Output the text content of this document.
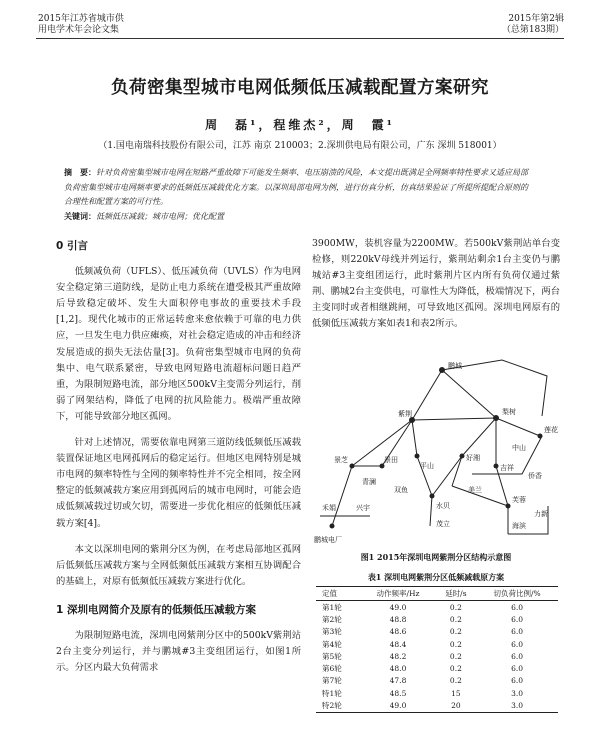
2015年江苏省城市供
用电学术年会论文集
2015年第2辑
（总第183期）
负荷密集型城市电网低频低压减载配置方案研究
周　磊¹，程维杰²，周　霞¹
（1.国电南瑞科技股份有限公司，江苏 南京 210003；2.深圳供电局有限公司，广东 深圳 518001）
摘　要：针对负荷密集型城市电网在短路严重故障下可能发生频率、电压崩溃的风险，本文提出既满足全网频率特性要求又适应局部负荷密集型城市电网频率要求的低频低压减载优化方案。以深圳局部电网为例，进行仿真分析，仿真结果验证了所提所提配合原则的合理性和配置方案的可行性。
关键词：低频低压减载；城市电网；优化配置
0 引言

低频减负荷（UFLS）、低压减负荷（UVLS）作为电网安全稳定第三道防线，是防止电力系统在遭受极其严重故障后导致稳定破坏、发生大面积停电事故的重要技术手段[1,2]。现代化城市的正常运转愈来愈依赖于可靠的电力供应，一旦发生电力供应瘫痪，对社会稳定造成的冲击和经济发展造成的损失无法估量[3]。负荷密集型城市电网的负荷集中、电气联系紧密，导致电网短路电流超标问题日趋严重，为限制短路电流，部分地区500kV主变需分列运行，削弱了网架结构，降低了电网的抗风险能力。极端严重故障下，可能导致部分地区孤网。

针对上述情况，需要依靠电网第三道防线低频低压减载装置保证地区电网孤网后的稳定运行。但地区电网特别是城市电网的频率特性与全网的频率特性并不完全相同，按全网整定的低频减载方案应用到孤网后的城市电网时，可能会造成低频减载过切或欠切，需要进一步优化相应的低频低压减载方案[4]。

本文以深圳电网的紫荆分区为例，在考虑局部地区孤网后低频低压减载方案与全网低频低压减载方案相互协调配合的基础上，对原有低频低压减载方案进行优化。

1 深圳电网简介及原有的低频低压减载方案

为限制短路电流，深圳电网紫荆分区中的500kV紫荆站2台主变分列运行，并与鹏城#3主变组团运行，如图1所示。分区内最大负荷需求

3900MW，装机容量为2200MW。若500kV紫荆站单台变检修，则220kV母线并列运行，紫荆站剩余1台主变仍与鹏城站#3主变组团运行，此时紫荆片区内所有负荷仅通过紫荆、鹏城2台主变供电，可靠性大为降低，极端情况下，两台主变同时或者相继跳闸，可导致地区孤网。深圳电网原有的低频低压减载方案如表1和表2所示。

鹏城
紫荆	梨树
景田
景芝	好湘
平山
双鱼
吉祥
禾娟	兴宇	水贝
芙蓉
侨香
莲花
中山
海滨
茂立
青澜
美兰
力新
鹏城电厂
图1 2015年深圳电网紫荆分区结构示意图
表1 深圳电网紫荆分区低频减载原方案
定值	动作频率/Hz	延时/s	切负荷比例/%
第1轮	49.0	0.2	6.0
第2轮	48.8	0.2	6.0
第3轮	48.6	0.2	6.0
第4轮	48.4	0.2	6.0
第5轮	48.2	0.2	6.0
第6轮	48.0	0.2	6.0
第7轮	47.8	0.2	6.0
特1轮	48.5	15	3.0
特2轮	49.0	20	3.0
